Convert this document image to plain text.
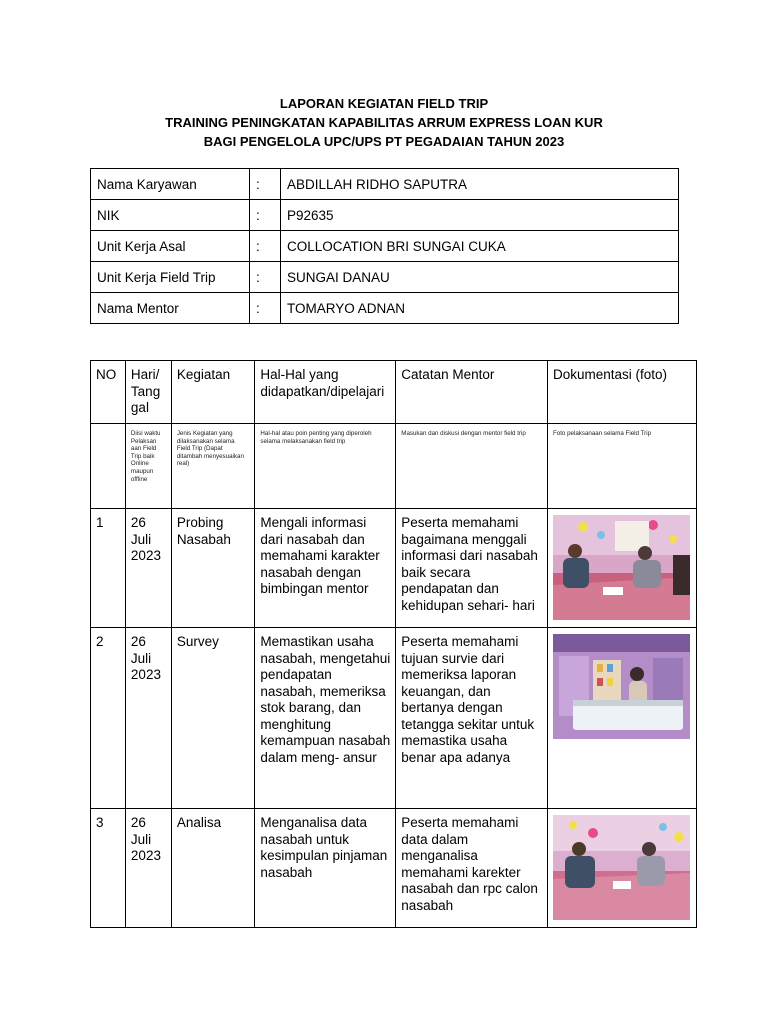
LAPORAN KEGIATAN FIELD TRIP
TRAINING PENINGKATAN KAPABILITAS ARRUM EXPRESS LOAN KUR
BAGI PENGELOLA UPC/UPS PT PEGADAIAN TAHUN 2023
Nama Karyawan	:	ABDILLAH RIDHO SAPUTRA
NIK	:	P92635
Unit Kerja Asal	:	COLLOCATION BRI SUNGAI CUKA
Unit Kerja Field Trip	:	SUNGAI DANAU
Nama Mentor	:	TOMARYO ADNAN
NO	Hari/ Tang gal	Kegiatan	Hal-Hal yang didapatkan/dipelajari	Catatan Mentor	Dokumentasi (foto)
	Diisi waktu Pelaksan aan Field Trip baik Online maupun offline	Jenis Kegiatan yang dilaksanakan selama Field Trip (Dapat ditambah menyesuaikan real)	Hal-hal atau poin penting yang diperoleh selama melaksanakan field trip	Masukan dan diskusi dengan mentor field trip	Foto pelaksanaan selama Field Trip
1	26 Juli 2023	Probing Nasabah	Mengali informasi dari nasabah dan memahami karakter nasabah dengan bimbingan mentor	Peserta memahami bagaimana menggali informasi dari nasabah baik secara pendapatan dan kehidupan sehari- hari	

2	26 Juli 2023	Survey	Memastikan usaha nasabah, mengetahui pendapatan nasabah, memeriksa stok barang, dan menghitung kemampuan nasabah dalam meng- ansur	Peserta memahami tujuan survie dari memeriksa laporan keuangan, dan bertanya dengan tetangga sekitar untuk memastika usaha benar apa adanya	

3	26 Juli 2023	Analisa	Menganalisa data nasabah untuk kesimpulan pinjaman nasabah	Peserta memahami data dalam menganalisa memahami karekter nasabah dan rpc calon nasabah	
